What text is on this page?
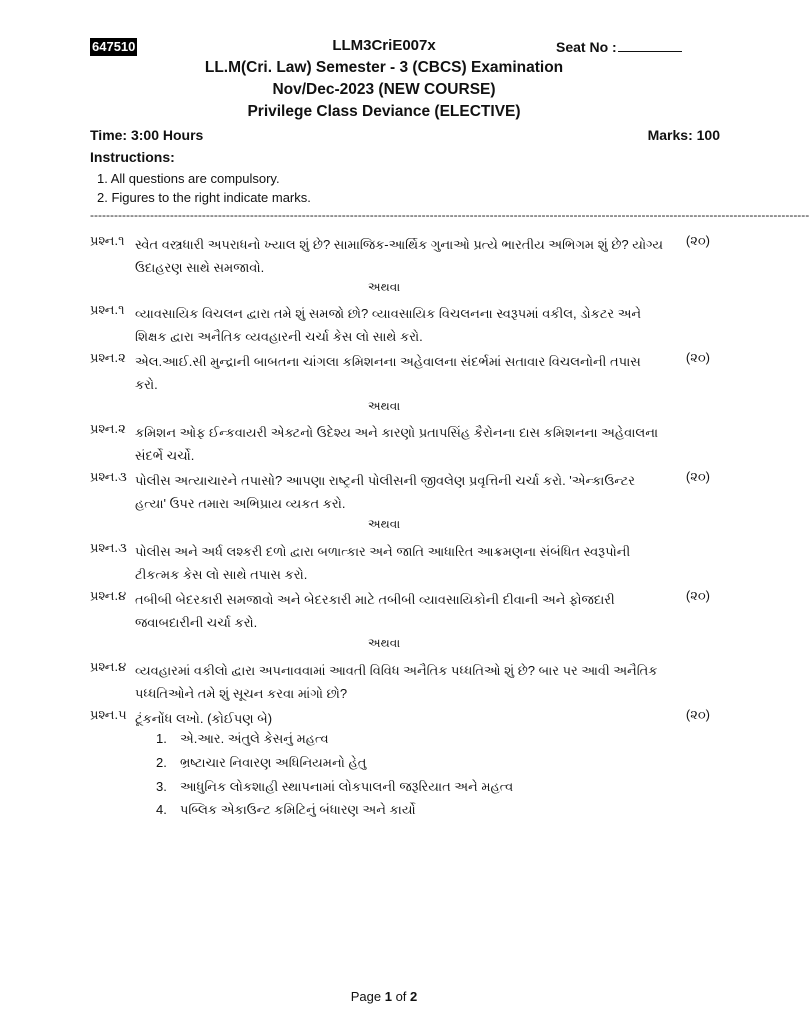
647510	LLM3CriE007x	Seat No :
LL.M(Cri. Law) Semester - 3 (CBCS) Examination
Nov/Dec-2023 (NEW COURSE)
Privilege Class Deviance (ELECTIVE)
Time: 3:00 Hours	Marks: 100
Instructions:
1. All questions are compulsory.
2. Figures to the right indicate marks.
------------------------------------------------------------------------------------------------------------------------------------------------------------------------------------
પ્રશ્ન.૧ સ્વેત વસ્ત્રધારી અપરાધનો ખ્યાલ શું છે? સામાજિક-આર્થિક ગુનાઓ પ્રત્યે ભારતીય અભિગમ શું છે? યોગ્ય ઉદાહરણ સાથે સમજાવો.
(૨૦)
અથવા
પ્રશ્ન.૧ વ્યાવસાયિક વિચલન દ્વારા તમે શું સમજો છો? વ્યાવસાયિક વિચલનના સ્વરૂપમાં વકીલ, ડોકટર અને શિક્ષક દ્વારા અનૈતિક વ્યવહારની ચર્ચા કેસ લો સાથે કરો.
પ્રશ્ન.૨ એલ.આઈ.સી મુન્દ્રાની બાબતના ચાંગલા કમિશનના અહેવાલના સંદર્ભમાં સતાવાર વિચલનોની તપાસ કરો.
(૨૦)
અથવા
પ્રશ્ન.૨ કમિશન ઓફ ઈન્કવાયરી એક્ટનો ઉદેશ્ય અને કારણો પ્રતાપસિંહ કૈરોનના દાસ કમિશનના અહેવાલના સંદર્ભે ચર્ચો.
પ્રશ્ન.૩ પોલીસ અત્યાચારને તપાસો? આપણા રાષ્ટ્રની પોલીસની જીવલેણ પ્રવૃત્તિની ચર્ચા કરો. 'એન્કાઉન્ટર હત્યા' ઉપર તમારા અભિપ્રાય વ્યકત કરો.
(૨૦)
અથવા
પ્રશ્ન.૩ પોલીસ અને અર્ધ લશ્કરી દળો દ્વારા બળાત્કાર અને જાતિ આધારિત આક્રમણના સંબંધિત સ્વરૂપોની ટીકત્મક કેસ લો સાથે તપાસ કરો.
પ્રશ્ન.૪ તબીબી બેદરકારી સમજાવો અને બેદરકારી માટે તબીબી વ્યાવસાયિકોની દીવાની અને ફોજદારી જવાબદારીની ચર્ચા કરો.
(૨૦)
અથવા
પ્રશ્ન.૪ વ્યવહારમાં વકીલો દ્વારા અપનાવવામાં આવતી વિવિધ અનૈતિક પધ્ધતિઓ શું છે? બાર પર આવી અનૈતિક પધ્ધતિઓને તમે શું સૂચન કરવા માંગો છો?
પ્રશ્ન.૫ ટૂંકનોંધ લખો. (કોઈપણ બે)	(૨૦)
1. એ.આર. અંતુલે કેસનું મહત્વ
2. ભ્રષ્ટાચાર નિવારણ અધિનિયમનો હેતુ
3. આધુનિક લોકશાહી સ્થાપનામાં લોકપાલની જરૂરિયાત અને મહત્વ
4. પબ્લિક એકાઉન્ટ કમિટિનું બંધારણ અને કાર્યો
Page 1 of 2
